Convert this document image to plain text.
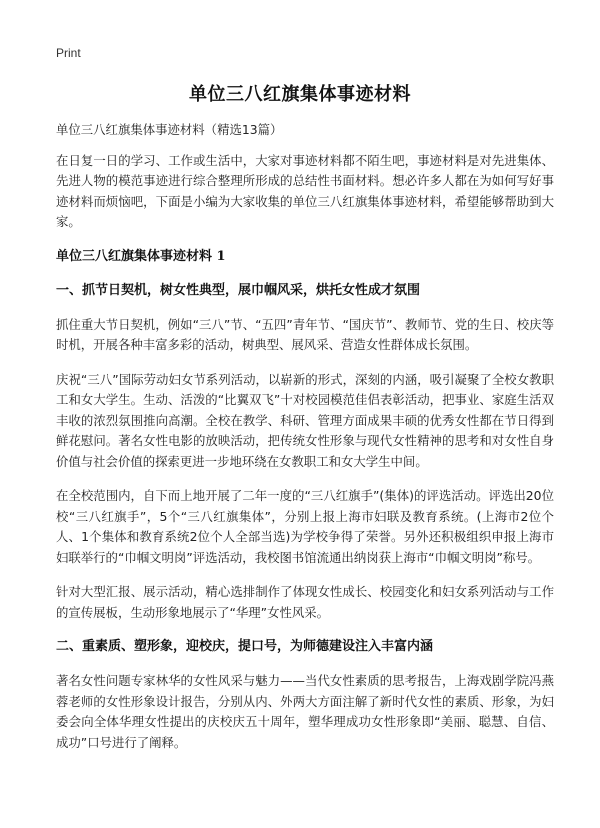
Print
单位三八红旗集体事迹材料

单位三八红旗集体事迹材料（精选13篇）

在日复一日的学习、工作或生活中，大家对事迹材料都不陌生吧，事迹材料是对先进集体、先进人物的模范事迹进行综合整理所形成的总结性书面材料。想必许多人都在为如何写好事迹材料而烦恼吧，下面是小编为大家收集的单位三八红旗集体事迹材料，希望能够帮助到大家。

单位三八红旗集体事迹材料 1
一、抓节日契机，树女性典型，展巾帼风采，烘托女性成才氛围

抓住重大节日契机，例如“三八”节、“五四”青年节、“国庆节”、教师节、党的生日、校庆等时机，开展各种丰富多彩的活动，树典型、展风采、营造女性群体成长氛围。

庆祝“三八”国际劳动妇女节系列活动，以崭新的形式，深刻的内涵，吸引凝聚了全校女教职工和女大学生。生动、活泼的“比翼双飞”十对校园模范佳侣表彰活动，把事业、家庭生活双丰收的浓烈氛围推向高潮。全校在教学、科研、管理方面成果丰硕的优秀女性都在节日得到鲜花慰问。著名女性电影的放映活动，把传统女性形象与现代女性精神的思考和对女性自身价值与社会价值的探索更进一步地环绕在女教职工和女大学生中间。

在全校范围内，自下而上地开展了二年一度的“三八红旗手”(集体)的评选活动。评选出20位校“三八红旗手”，5个“三八红旗集体”，分别上报上海市妇联及教育系统。(上海市2位个人、1个集体和教育系统2位个人全部当选)为学校争得了荣誉。另外还积极组织申报上海市妇联举行的“巾帼文明岗”评选活动，我校图书馆流通出纳岗获上海市“巾帼文明岗”称号。

针对大型汇报、展示活动，精心选排制作了体现女性成长、校园变化和妇女系列活动与工作的宣传展板，生动形象地展示了“华理”女性风采。

二、重素质、塑形象，迎校庆，提口号，为师德建设注入丰富内涵

著名女性问题专家林华的女性风采与魅力——当代女性素质的思考报告，上海戏剧学院冯燕蓉老师的女性形象设计报告，分别从内、外两大方面注解了新时代女性的素质、形象，为妇委会向全体华理女性提出的庆校庆五十周年，塑华理成功女性形象即“美丽、聪慧、自信、成功”口号进行了阐释。
